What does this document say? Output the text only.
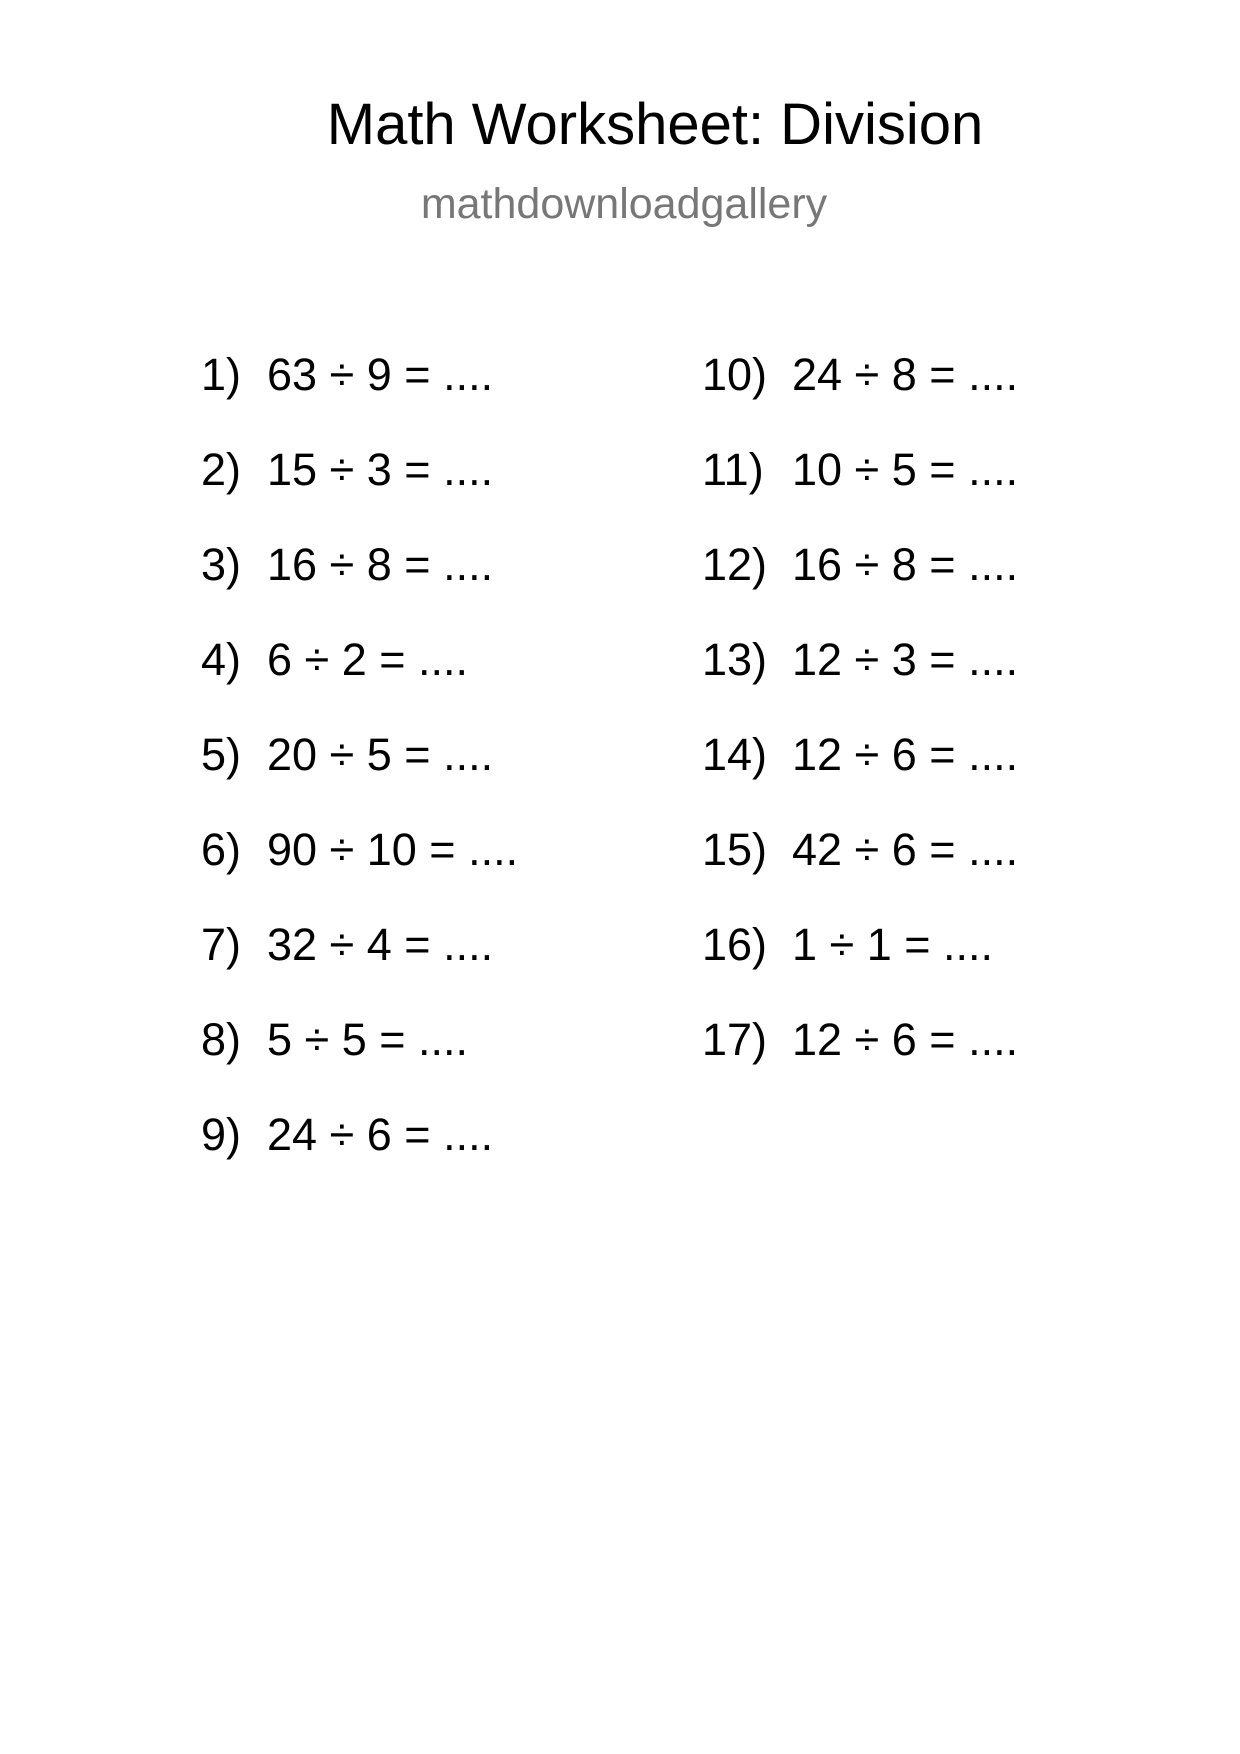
Math Worksheet: Division
mathdownloadgallery
1) 63 ÷ 9 = ....
2) 15 ÷ 3 = ....
3) 16 ÷ 8 = ....
4) 6 ÷ 2 = ....
5) 20 ÷ 5 = ....
6) 90 ÷ 10 = ....
7) 32 ÷ 4 = ....
8) 5 ÷ 5 = ....
9) 24 ÷ 6 = ....
10) 24 ÷ 8 = ....
11) 10 ÷ 5 = ....
12) 16 ÷ 8 = ....
13) 12 ÷ 3 = ....
14) 12 ÷ 6 = ....
15) 42 ÷ 6 = ....
16) 1 ÷ 1 = ....
17) 12 ÷ 6 = ....
